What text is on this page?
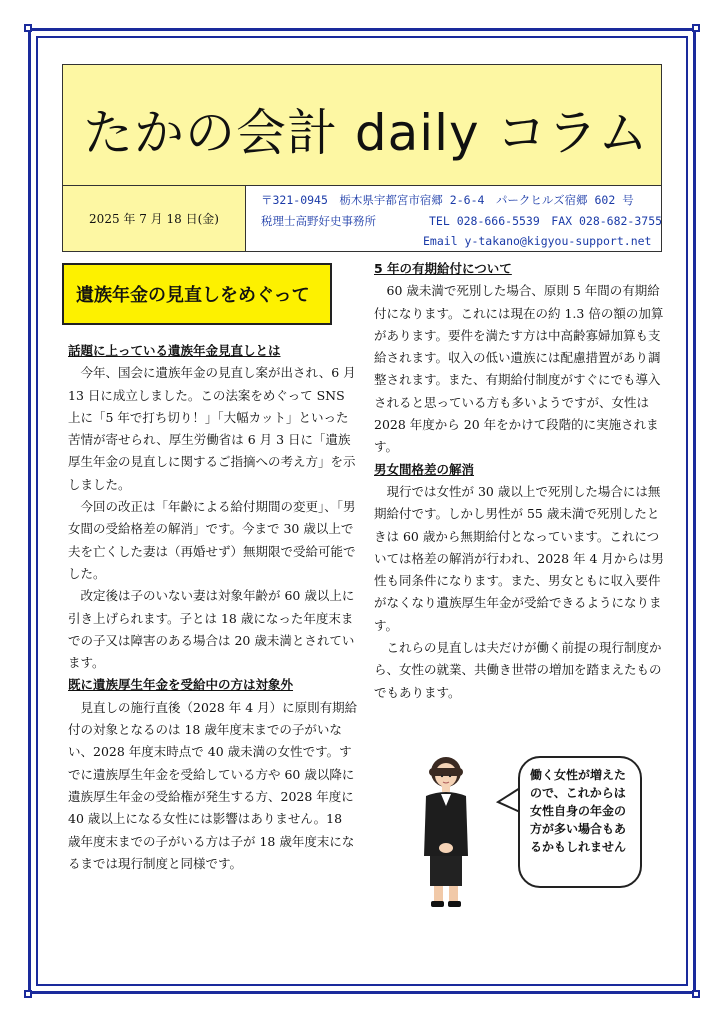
たかの会計 daily コラム
2025 年 7 月 18 日(金)
〒321-0945　栃木県宇都宮市宿郷 2-6-4　パークヒルズ宿郷 602 号
税理士高野好史事務所	TEL 028-666-5539　FAX 028-682-3755
Email y-takano@kigyou-support.net
遺族年金の見直しをめぐって
話題に上っている遺族年金見直しとは

今年、国会に遺族年金の見直し案が出され、6 月 13 日に成立しました。この法案をめぐって SNS 上に「5 年で打ち切り！」「大幅カット」といった苦情が寄せられ、厚生労働省は 6 月 3 日に「遺族厚生年金の見直しに関するご指摘への考え方」を示しました。

今回の改正は「年齢による給付期間の変更」、「男女間の受給格差の解消」です。今まで 30 歳以上で夫を亡くした妻は（再婚せず）無期限で受給可能でした。

改定後は子のいない妻は対象年齢が 60 歳以上に引き上げられます。子とは 18 歳になった年度末までの子又は障害のある場合は 20 歳未満とされています。

既に遺族厚生年金を受給中の方は対象外

見直しの施行直後（2028 年 4 月）に原則有期給付の対象となるのは 18 歳年度末までの子がいない、2028 年度末時点で 40 歳未満の女性です。すでに遺族厚生年金を受給している方や 60 歳以降に遺族厚生年金の受給権が発生する方、2028 年度に 40 歳以上になる女性には影響はありません。18 歳年度末までの子がいる方は子が 18 歳年度末になるまでは現行制度と同様です。

5 年の有期給付について

60 歳未満で死別した場合、原則 5 年間の有期給付になります。これには現在の約 1.3 倍の額の加算があります。要件を満たす方は中高齢寡婦加算も支給されます。収入の低い遺族には配慮措置があり調整されます。また、有期給付制度がすぐにでも導入されると思っている方も多いようですが、女性は 2028 年度から 20 年をかけて段階的に実施されます。

男女間格差の解消

現行では女性が 30 歳以上で死別した場合には無期給付です。しかし男性が 55 歳未満で死別したときは 60 歳から無期給付となっています。これについては格差の解消が行われ、2028 年 4 月からは男性も同条件になります。また、男女ともに収入要件がなくなり遺族厚生年金が受給できるようになります。

これらの見直しは夫だけが働く前提の現行制度から、女性の就業、共働き世帯の増加を踏まえたものでもあります。

働く女性が増えたので、これからは女性自身の年金の方が多い場合もあるかもしれません
